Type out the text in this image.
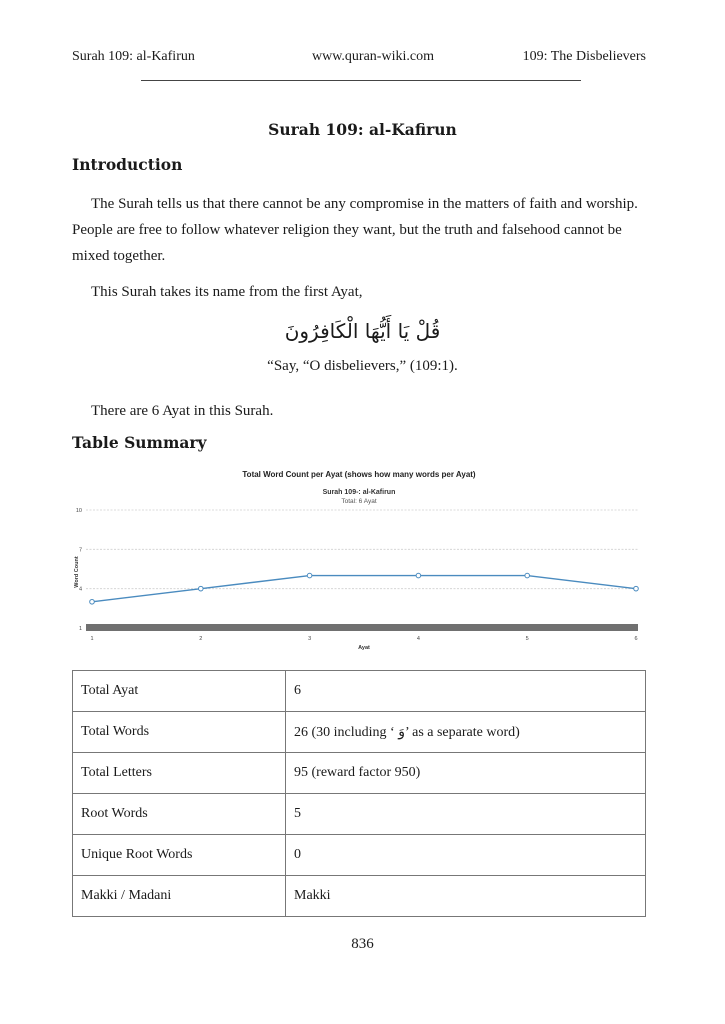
Surah 109: al-Kafirun	www.quran-wiki.com	109: The Disbelievers
Surah 109: al-Kafirun
Introduction
The Surah tells us that there cannot be any compromise in the matters of faith and worship. People are free to follow whatever religion they want, but the truth and falsehood cannot be mixed together.
This Surah takes its name from the first Ayat,
قُلْ يَا أَيُّهَا الْكَافِرُونَ
“Say, “O disbelievers,” (109:1).
There are 6 Ayat in this Surah.
Table Summary
Total Word Count per Ayat (shows how many words per Ayat)
Surah 109-: al-Kafirun
Total: 6 Ayat
1
4
7
10
1	2	3	4	5	6
Ayat
Word Count
Total Ayat	6
Total Words	26 (30 including ‘ وَ’ as a separate word)
Total Letters	95 (reward factor 950)
Root Words	5
Unique Root Words	0
Makki / Madani	Makki
836
